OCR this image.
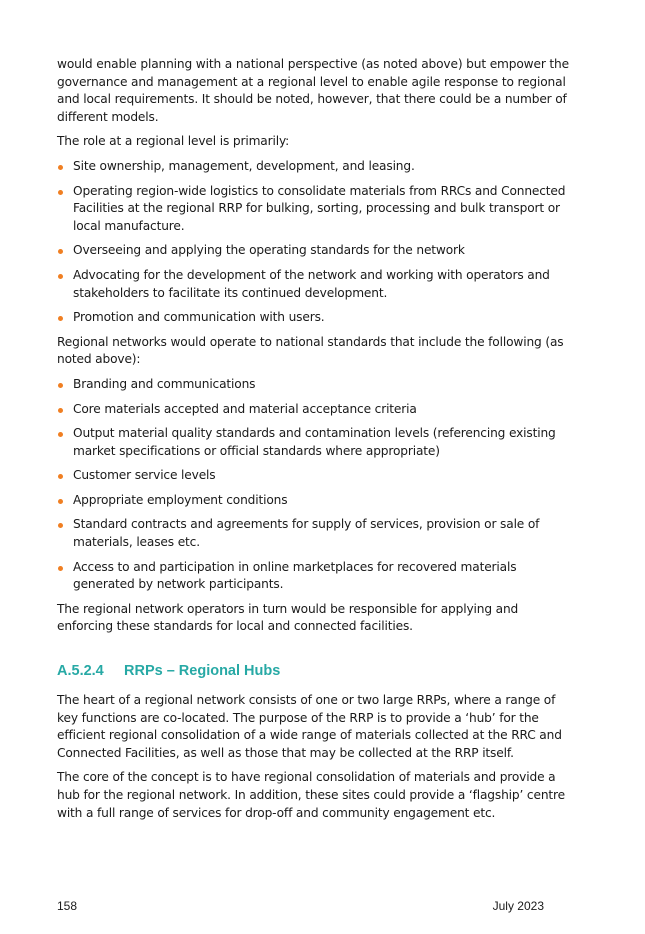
would enable planning with a national perspective (as noted above) but empower the governance and management at a regional level to enable agile response to regional and local requirements. It should be noted, however, that there could be a number of different models.

The role at a regional level is primarily:

Site ownership, management, development, and leasing.
Operating region-wide logistics to consolidate materials from RRCs and Connected Facilities at the regional RRP for bulking, sorting, processing and bulk transport or local manufacture.
Overseeing and applying the operating standards for the network
Advocating for the development of the network and working with operators and stakeholders to facilitate its continued development.
Promotion and communication with users.

Regional networks would operate to national standards that include the following (as noted above):

Branding and communications
Core materials accepted and material acceptance criteria
Output material quality standards and contamination levels (referencing existing market specifications or official standards where appropriate)
Customer service levels
Appropriate employment conditions
Standard contracts and agreements for supply of services, provision or sale of materials, leases etc.
Access to and participation in online marketplaces for recovered materials generated by network participants.

The regional network operators in turn would be responsible for applying and enforcing these standards for local and connected facilities.

A.5.2.4 RRPs – Regional Hubs

The heart of a regional network consists of one or two large RRPs, where a range of key functions are co-located. The purpose of the RRP is to provide a ‘hub’ for the efficient regional consolidation of a wide range of materials collected at the RRC and Connected Facilities, as well as those that may be collected at the RRP itself.

The core of the concept is to have regional consolidation of materials and provide a hub for the regional network. In addition, these sites could provide a ‘flagship’ centre with a full range of services for drop-off and community engagement etc.

158	July 2023
